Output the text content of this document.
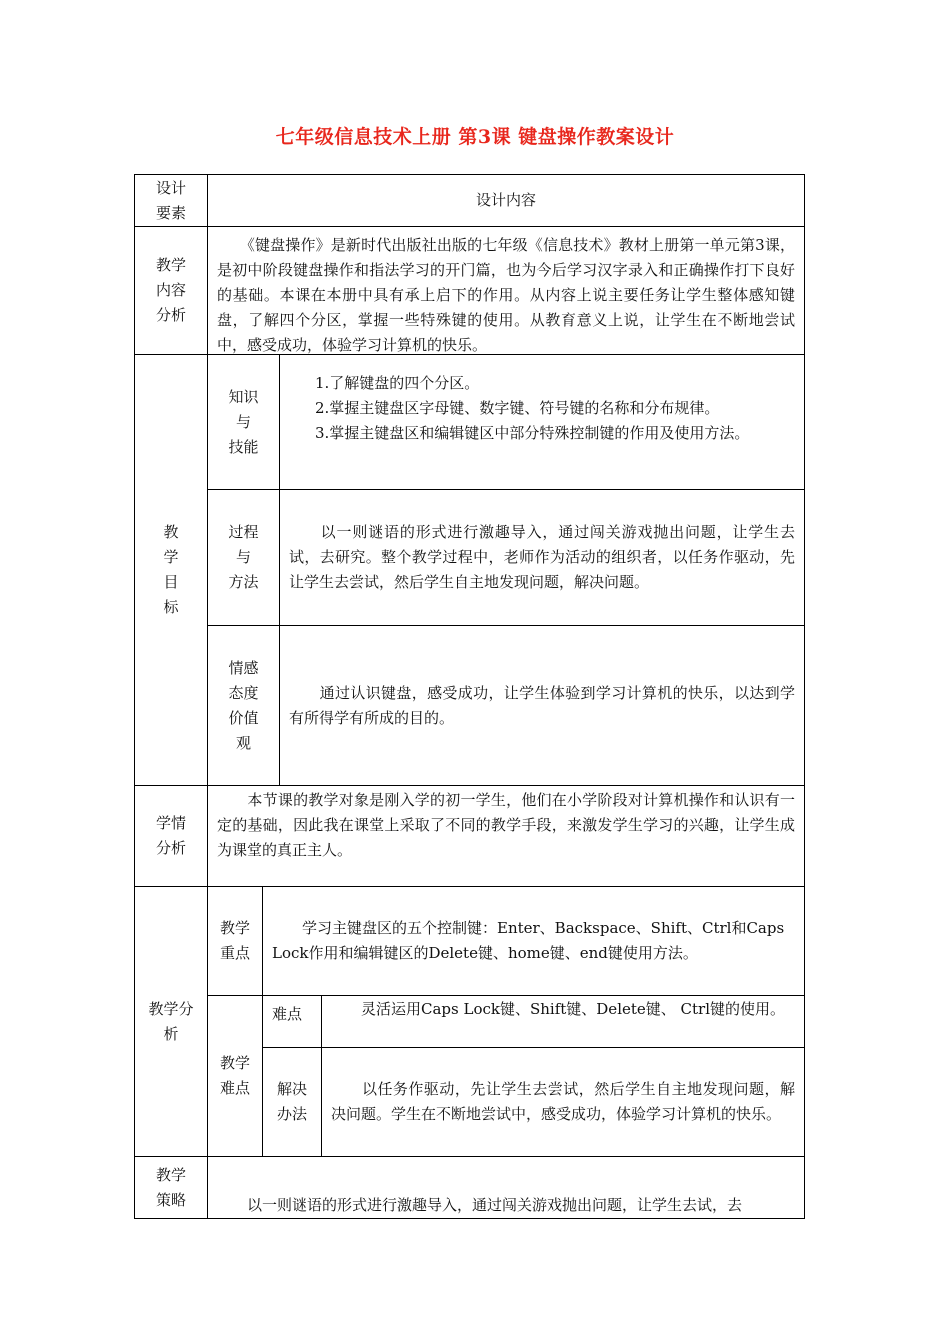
七年级信息技术上册 第3课 键盘操作教案设计
设计
要素
设计内容
教学
内容
分析
　　《键盘操作》是新时代出版社出版的七年级《信息技术》教材上册第一单元第3课，是初中阶段键盘操作和指法学习的开门篇，也为今后学习汉字录入和正确操作打下良好的基础。本课在本册中具有承上启下的作用。从内容上说主要任务让学生整体感知键盘，了解四个分区，掌握一些特殊键的使用。从教育意义上说，让学生在不断地尝试中，感受成功，体验学习计算机的快乐。
教
学
目
标
知识
与
技能
1.了解键盘的四个分区。
2.掌握主键盘区字母键、数字键、符号键的名称和分布规律。
3.掌握主键盘区和编辑键区中部分特殊控制键的作用及使用方法。
过程
与
方法
　　以一则谜语的形式进行激趣导入，通过闯关游戏抛出问题，让学生去试，去研究。整个教学过程中，老师作为活动的组织者，以任务作驱动，先让学生去尝试，然后学生自主地发现问题，解决问题。
情感
态度
价值
观
　　通过认识键盘，感受成功，让学生体验到学习计算机的快乐，以达到学有所得学有所成的目的。
学情
分析
　　本节课的教学对象是刚入学的初一学生，他们在小学阶段对计算机操作和认识有一定的基础，因此我在课堂上采取了不同的教学手段，来激发学生学习的兴趣，让学生成为课堂的真正主人。
教学分
析
教学
重点
　　学习主键盘区的五个控制键：Enter、Backspace、Shift、Ctrl和Caps Lock作用和编辑键区的Delete键、home键、end键使用方法。
教学
难点
难点	　　灵活运用Caps Lock键、Shift键、Delete键、 Ctrl键的使用。
解决
办法
　　以任务作驱动，先让学生去尝试，然后学生自主地发现问题，解决问题。学生在不断地尝试中，感受成功，体验学习计算机的快乐。
教学
策略	　　以一则谜语的形式进行激趣导入，通过闯关游戏抛出问题，让学生去试，去
